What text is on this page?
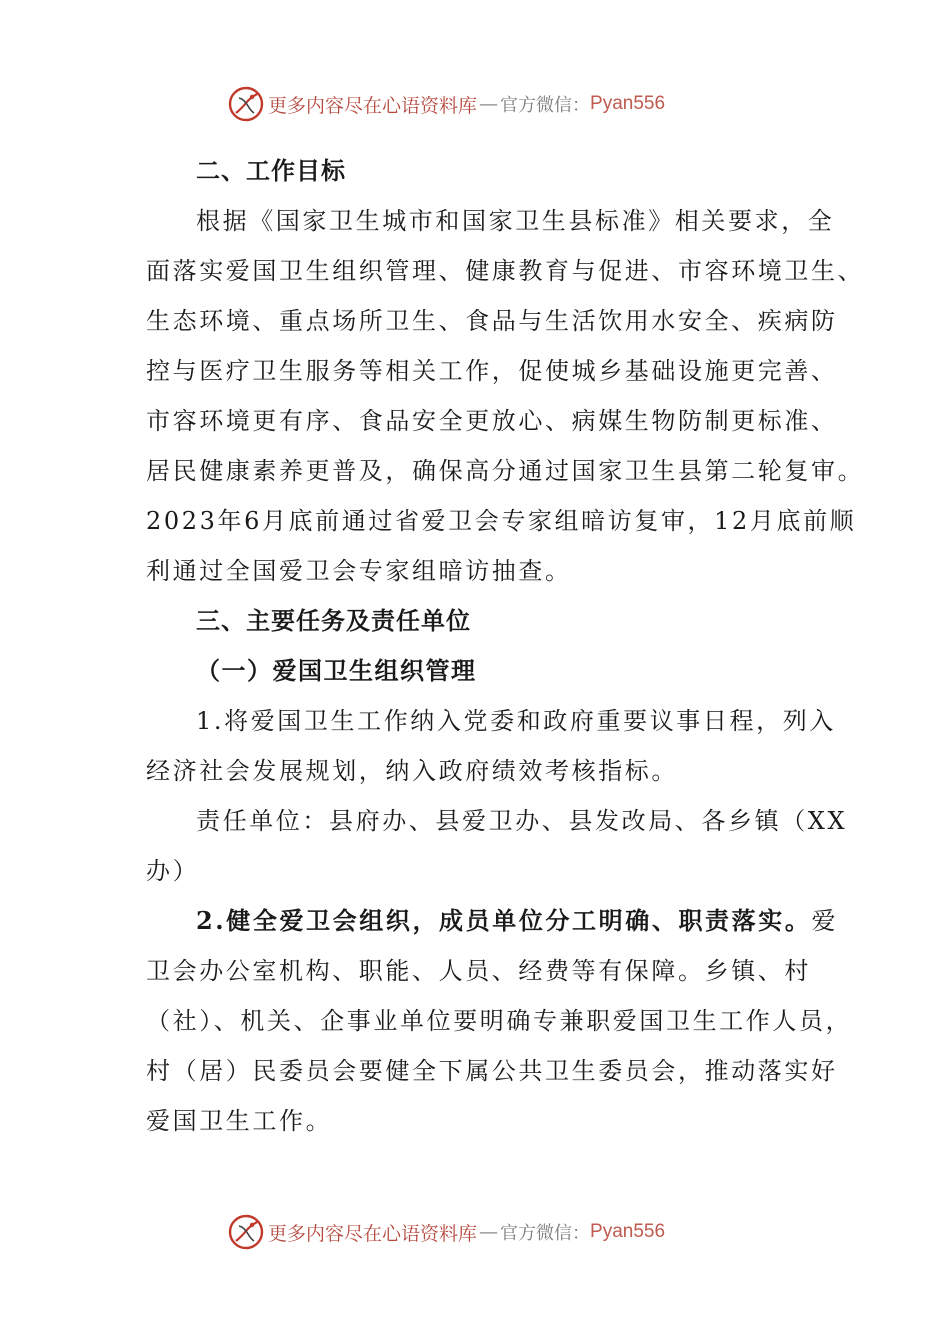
更多内容尽在心语资料库 — 官方微信： Pyan556
二、工作目标
根据《国家卫生城市和国家卫生县标准》相关要求，全
面落实爱国卫生组织管理、健康教育与促进、市容环境卫生、
生态环境、重点场所卫生、食品与生活饮用水安全、疾病防
控与医疗卫生服务等相关工作，促使城乡基础设施更完善、
市容环境更有序、食品安全更放心、病媒生物防制更标准、
居民健康素养更普及，确保高分通过国家卫生县第二轮复审。
2023年6月底前通过省爱卫会专家组暗访复审，12月底前顺
利通过全国爱卫会专家组暗访抽查。
三、主要任务及责任单位
（一）爱国卫生组织管理
1.将爱国卫生工作纳入党委和政府重要议事日程，列入
经济社会发展规划，纳入政府绩效考核指标。
责任单位：县府办、县爱卫办、县发改局、各乡镇（XX
办）
2.健全爱卫会组织，成员单位分工明确、职责落实。爱
卫会办公室机构、职能、人员、经费等有保障。乡镇、村
（社）、机关、企事业单位要明确专兼职爱国卫生工作人员，
村（居）民委员会要健全下属公共卫生委员会，推动落实好
爱国卫生工作。
更多内容尽在心语资料库 — 官方微信： Pyan556
